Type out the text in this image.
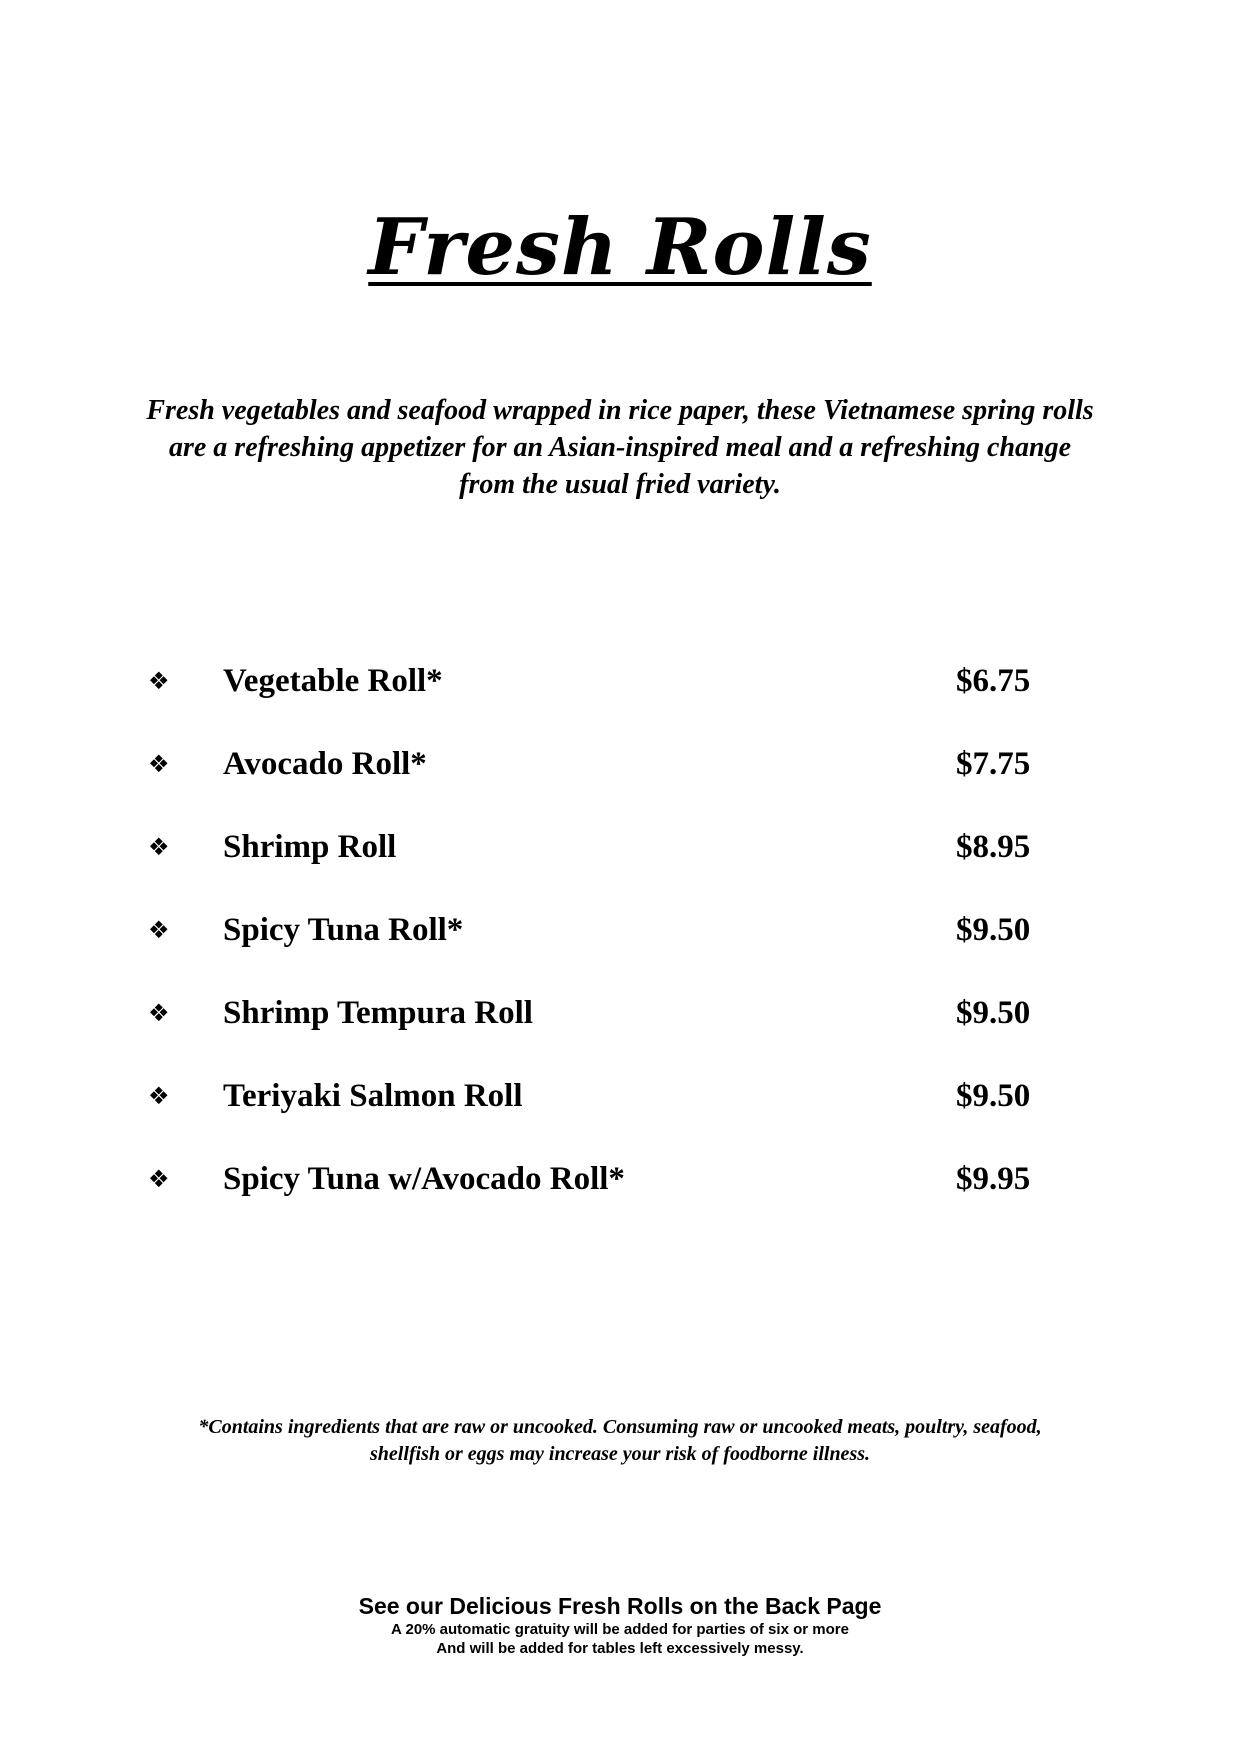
Fresh Rolls

Fresh vegetables and seafood wrapped in rice paper, these Vietnamese spring rolls are a refreshing appetizer for an Asian-inspired meal and a refreshing change from the usual fried variety.

❖ Vegetable Roll*	$6.75
❖ Avocado Roll*	$7.75
❖ Shrimp Roll	$8.95
❖ Spicy Tuna Roll*	$9.50
❖ Shrimp Tempura Roll	$9.50
❖ Teriyaki Salmon Roll	$9.50
❖ Spicy Tuna w/Avocado Roll*	$9.95
*Contains ingredients that are raw or uncooked. Consuming raw or uncooked meats, poultry, seafood,
shellfish or eggs may increase your risk of foodborne illness.
See our Delicious Fresh Rolls on the Back Page
A 20% automatic gratuity will be added for parties of six or more
And will be added for tables left excessively messy.
